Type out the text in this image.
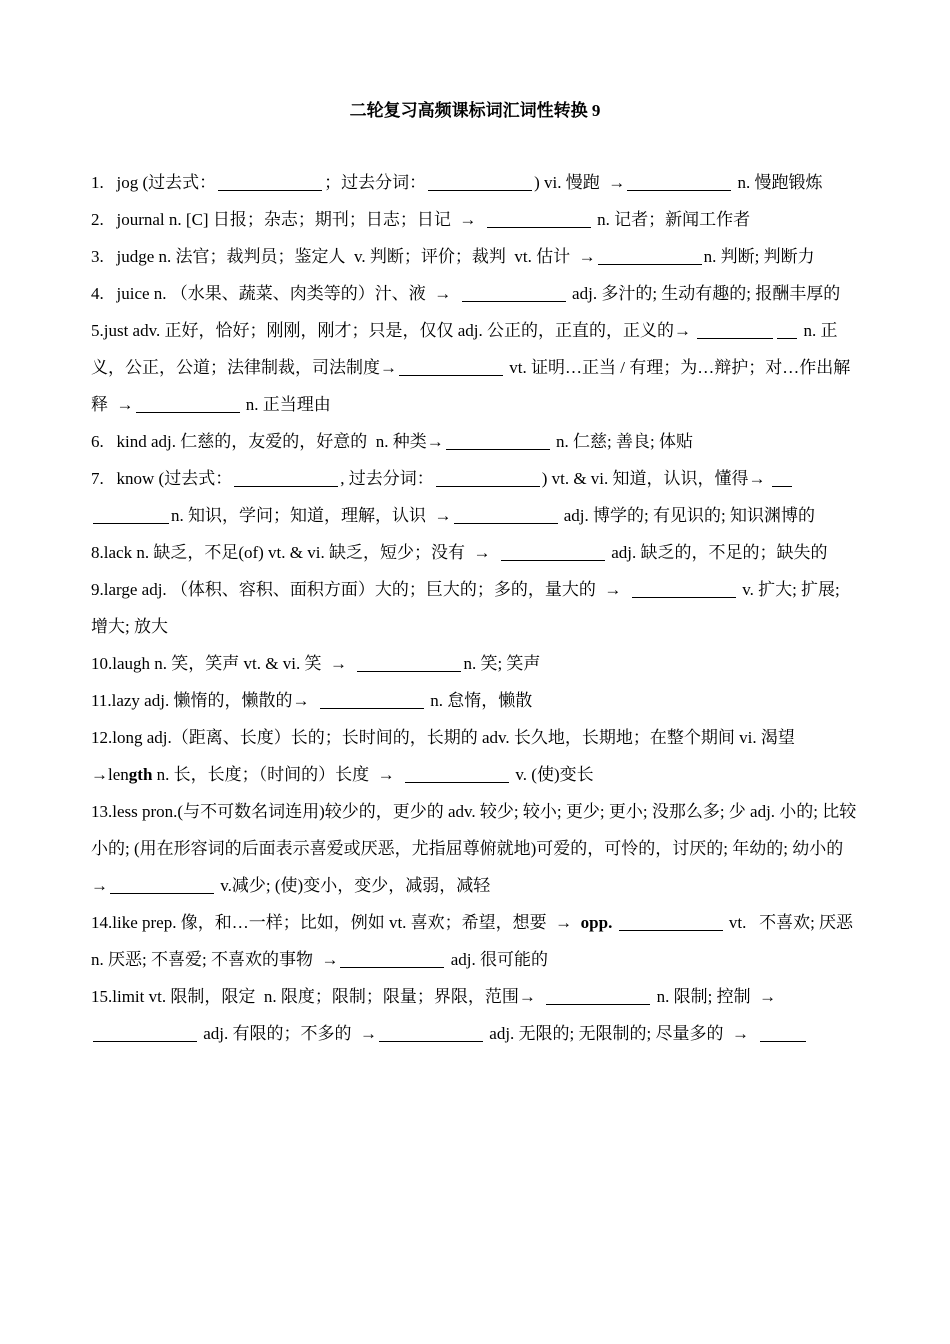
二轮复习高频课标词汇词性转换 9

1.   jog (过去式：	；过去分词：	) vi. 慢跑  →	n. 慢跑锻炼

2.   journal n. [C] 日报；杂志；期刊；日志；日记  →	n. 记者；新闻工作者

3.   judge n. 法官；裁判员；鉴定人  v. 判断；评价；裁判  vt. 估计  →	n. 判断; 判断力

4.   juice n. （水果、蔬菜、肉类等的）汁、液  →	adj. 多汁的; 生动有趣的; 报酬丰厚的

5.just adv. 正好，恰好；刚刚，刚才；只是，仅仅 adj. 公正的，正直的，正义的→	n. 正义，公正，公道；法律制裁，司法制度→	vt. 证明…正当 / 有理；为…辩护；对…作出解释  →	n. 正当理由

6.   kind adj. 仁慈的，友爱的，好意的  n. 种类→	n. 仁慈; 善良; 体贴

7.   know (过去式：	, 过去分词：	) vt. & vi. 知道，认识，懂得→ n. 知识，学问；知道，理解，认识  →	adj. 博学的; 有见识的; 知识渊博的

8.lack n. 缺乏，不足(of) vt. & vi. 缺乏，短少；没有  →	adj. 缺乏的，不足的；缺失的

9.large adj. （体积、容积、面积方面）大的；巨大的；多的，量大的  →	v. 扩大; 扩展; 增大; 放大

10.laugh n. 笑，笑声 vt. & vi. 笑  →	n. 笑; 笑声

11.lazy adj. 懒惰的，懒散的→	n. 怠惰，懒散

12.long adj.（距离、长度）长的；长时间的，长期的 adv. 长久地，长期地；在整个期间 vi. 渴望  →length n. 长，长度；（时间的）长度  →	v. (使)变长

13.less pron.(与不可数名词连用)较少的，更少的 adv. 较少; 较小; 更少; 更小; 没那么多; 少 adj. 小的; 比较小的; (用在形容词的后面表示喜爱或厌恶，尤指屈尊俯就地)可爱的，可怜的，讨厌的; 年幼的; 幼小的  →	v.减少; (使)变小，变少，减弱，减轻

14.like prep. 像，和…一样；比如，例如 vt. 喜欢；希望，想要  →  opp.	vt.   不喜欢; 厌恶  n. 厌恶; 不喜爱; 不喜欢的事物  →	adj. 很可能的

15.limit vt. 限制，限定  n. 限度；限制；限量；界限，范围→	n. 限制; 控制  → adj. 有限的；不多的  →	adj. 无限的; 无限制的; 尽量多的  →
